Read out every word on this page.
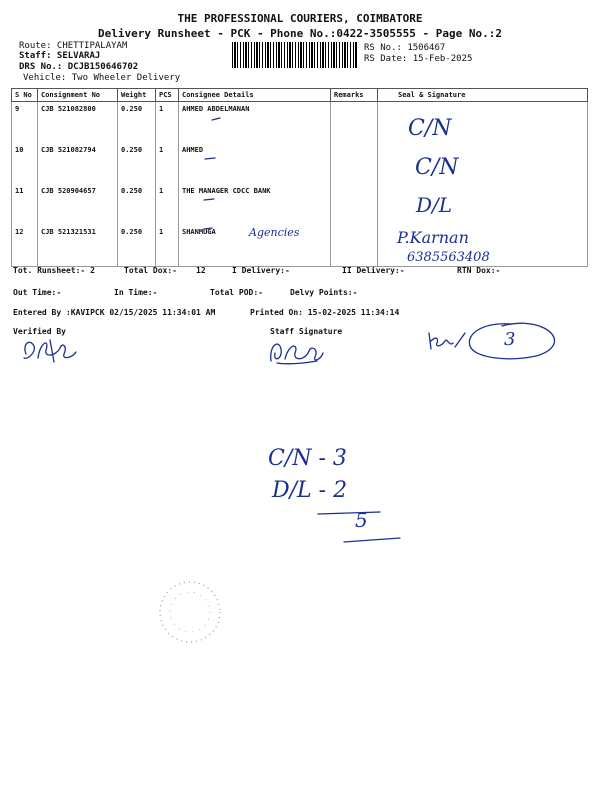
THE PROFESSIONAL COURIERS, COIMBATORE
Delivery Runsheet - PCK - Phone No.:0422-3505555 - Page No.:2
Route: CHETTIPALAYAM
Staff: SELVARAJ
DRS No.: DCJB150646702
Vehicle: Two Wheeler Delivery
RS No.: 1506467
RS Date: 15-Feb-2025
S No	Consignment No	Weight	PCS	Consignee Details	Remarks	Seal & Signature
9	CJB 521082800	0.250	1	AHMED ABDELMANAN		
10	CJB 521082794	0.250	1	AHMED		
11	CJB 520904657	0.250	1	THE MANAGER CDCC BANK		
12	CJB 521321531	0.250	1	SHANMUGA		
C/N
C/N
D/L
P.Karnan
6385563408
Agencies
Tot. Runsheet:- 2	Total Dox:- 12	I Delivery:-	II Delivery:-	RTN Dox:-
Out Time:-	In Time:-	Total POD:-	Delvy Points:-
Entered By :KAVIPCK 02/15/2025 11:34:01 AM	Printed On: 15-02-2025 11:34:14
Verified By	Staff Signature	3
C/N - 3
D/L - 2
5
